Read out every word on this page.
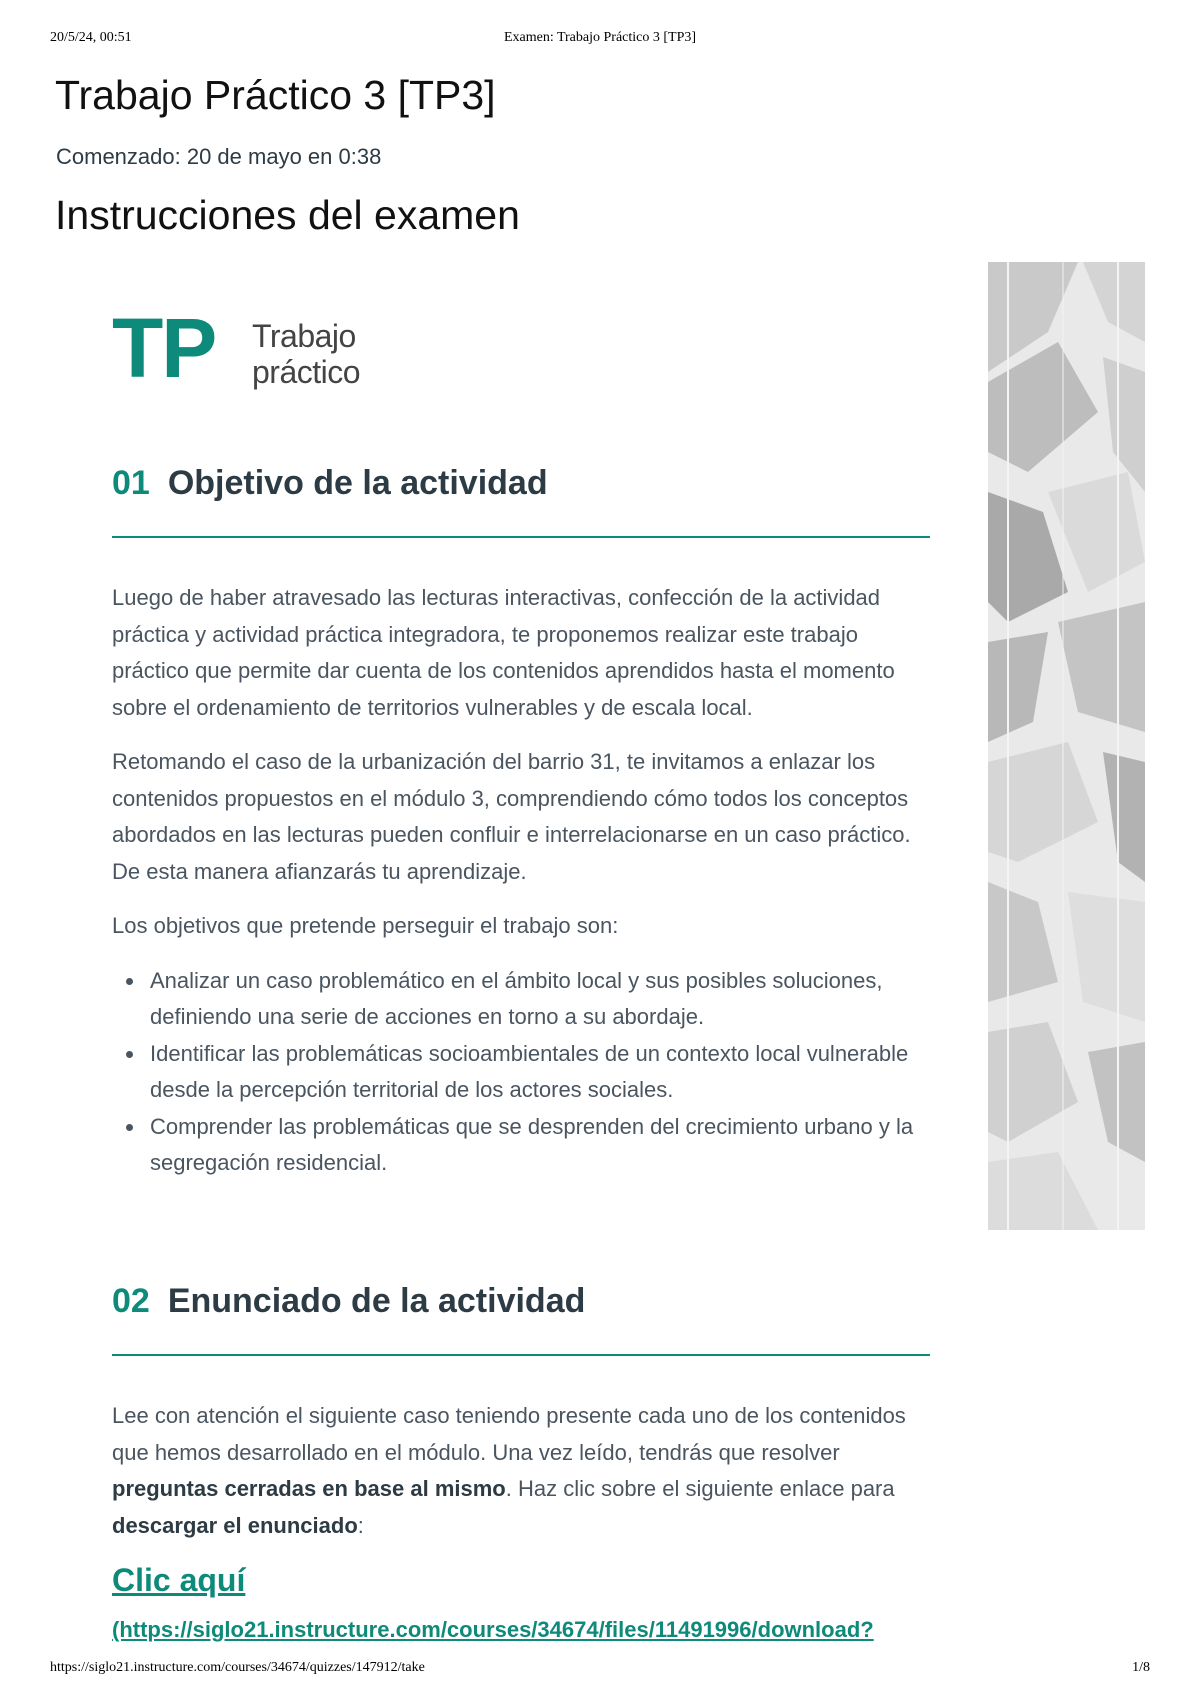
20/5/24, 00:51	Examen: Trabajo Práctico 3 [TP3]
Trabajo Práctico 3 [TP3]
Comenzado: 20 de mayo en 0:38
Instrucciones del examen
TP Trabajo
práctico
01 Objetivo de la actividad

Luego de haber atravesado las lecturas interactivas, confección de la actividad práctica y actividad práctica integradora, te proponemos realizar este trabajo práctico que permite dar cuenta de los contenidos aprendidos hasta el momento sobre el ordenamiento de territorios vulnerables y de escala local.

Retomando el caso de la urbanización del barrio 31, te invitamos a enlazar los contenidos propuestos en el módulo 3, comprendiendo cómo todos los conceptos abordados en las lecturas pueden confluir e interrelacionarse en un caso práctico. De esta manera afianzarás tu aprendizaje.

Los objetivos que pretende perseguir el trabajo son:

Analizar un caso problemático en el ámbito local y sus posibles soluciones, definiendo una serie de acciones en torno a su abordaje.
Identificar las problemáticas socioambientales de un contexto local vulnerable desde la percepción territorial de los actores sociales.
Comprender las problemáticas que se desprenden del crecimiento urbano y la segregación residencial.
02 Enunciado de la actividad

Lee con atención el siguiente caso teniendo presente cada uno de los contenidos que hemos desarrollado en el módulo. Una vez leído, tendrás que resolver preguntas cerradas en base al mismo. Haz clic sobre el siguiente enlace para descargar el enunciado:

Clic aquí
(https://siglo21.instructure.com/courses/34674/files/11491996/download?
https://siglo21.instructure.com/courses/34674/quizzes/147912/take	1/8
